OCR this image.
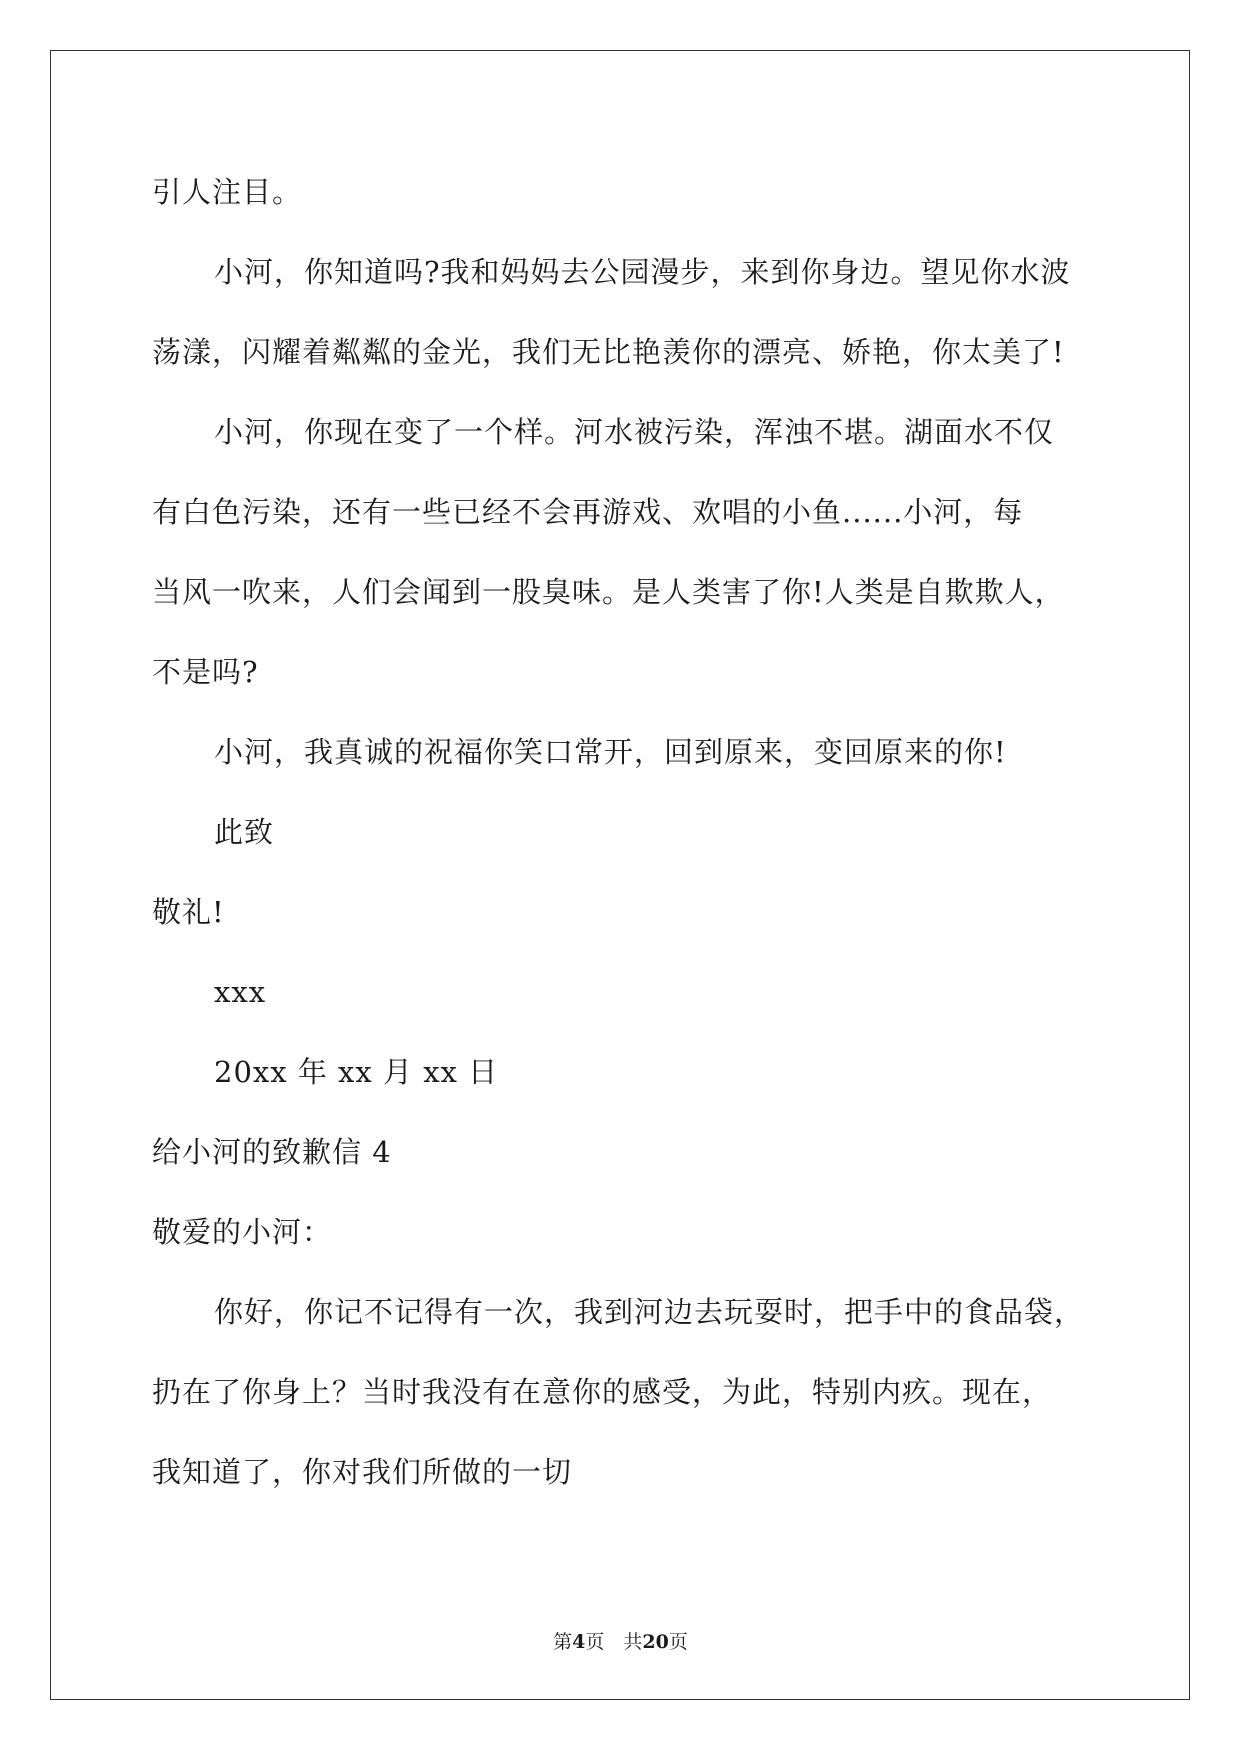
引人注目。
小河，你知道吗?我和妈妈去公园漫步，来到你身边。望见你水波
荡漾，闪耀着粼粼的金光，我们无比艳羡你的漂亮、娇艳，你太美了!
小河，你现在变了一个样。河水被污染，浑浊不堪。湖面水不仅
有白色污染，还有一些已经不会再游戏、欢唱的小鱼......小河，每
当风一吹来，人们会闻到一股臭味。是人类害了你!人类是自欺欺人，
不是吗?
小河，我真诚的祝福你笑口常开，回到原来，变回原来的你!
此致
敬礼!
xxx
20xx 年 xx 月 xx 日
给小河的致歉信 4
敬爱的小河：
你好，你记不记得有一次，我到河边去玩耍时，把手中的食品袋，
扔在了你身上？当时我没有在意你的感受，为此，特别内疚。现在，
我知道了，你对我们所做的一切
第4页　共20页
